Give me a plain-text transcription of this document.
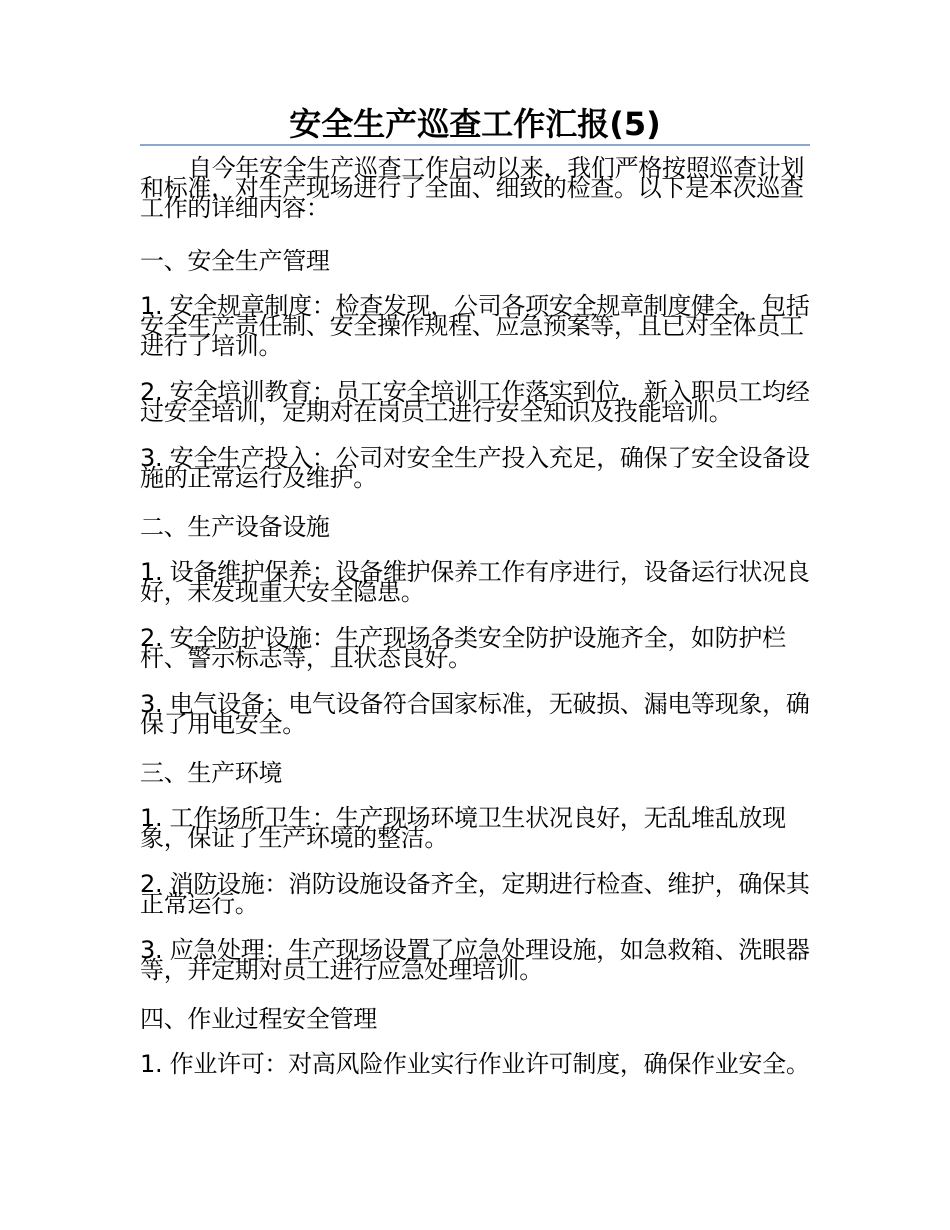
安全生产巡查工作汇报(5)

自今年安全生产巡查工作启动以来，我们严格按照巡查计划和标准，对生产现场进行了全面、细致的检查。以下是本次巡查工作的详细内容：

一、安全生产管理

1. 安全规章制度：检查发现，公司各项安全规章制度健全，包括安全生产责任制、安全操作规程、应急预案等，且已对全体员工进行了培训。

2. 安全培训教育：员工安全培训工作落实到位，新入职员工均经过安全培训，定期对在岗员工进行安全知识及技能培训。

3. 安全生产投入：公司对安全生产投入充足，确保了安全设备设施的正常运行及维护。

二、生产设备设施

1. 设备维护保养：设备维护保养工作有序进行，设备运行状况良好，未发现重大安全隐患。

2. 安全防护设施：生产现场各类安全防护设施齐全，如防护栏杆、警示标志等，且状态良好。

3. 电气设备：电气设备符合国家标准，无破损、漏电等现象，确保了用电安全。

三、生产环境

1. 工作场所卫生：生产现场环境卫生状况良好，无乱堆乱放现象，保证了生产环境的整洁。

2. 消防设施：消防设施设备齐全，定期进行检查、维护，确保其正常运行。

3. 应急处理：生产现场设置了应急处理设施，如急救箱、洗眼器等，并定期对员工进行应急处理培训。

四、作业过程安全管理

1. 作业许可：对高风险作业实行作业许可制度，确保作业安全。
